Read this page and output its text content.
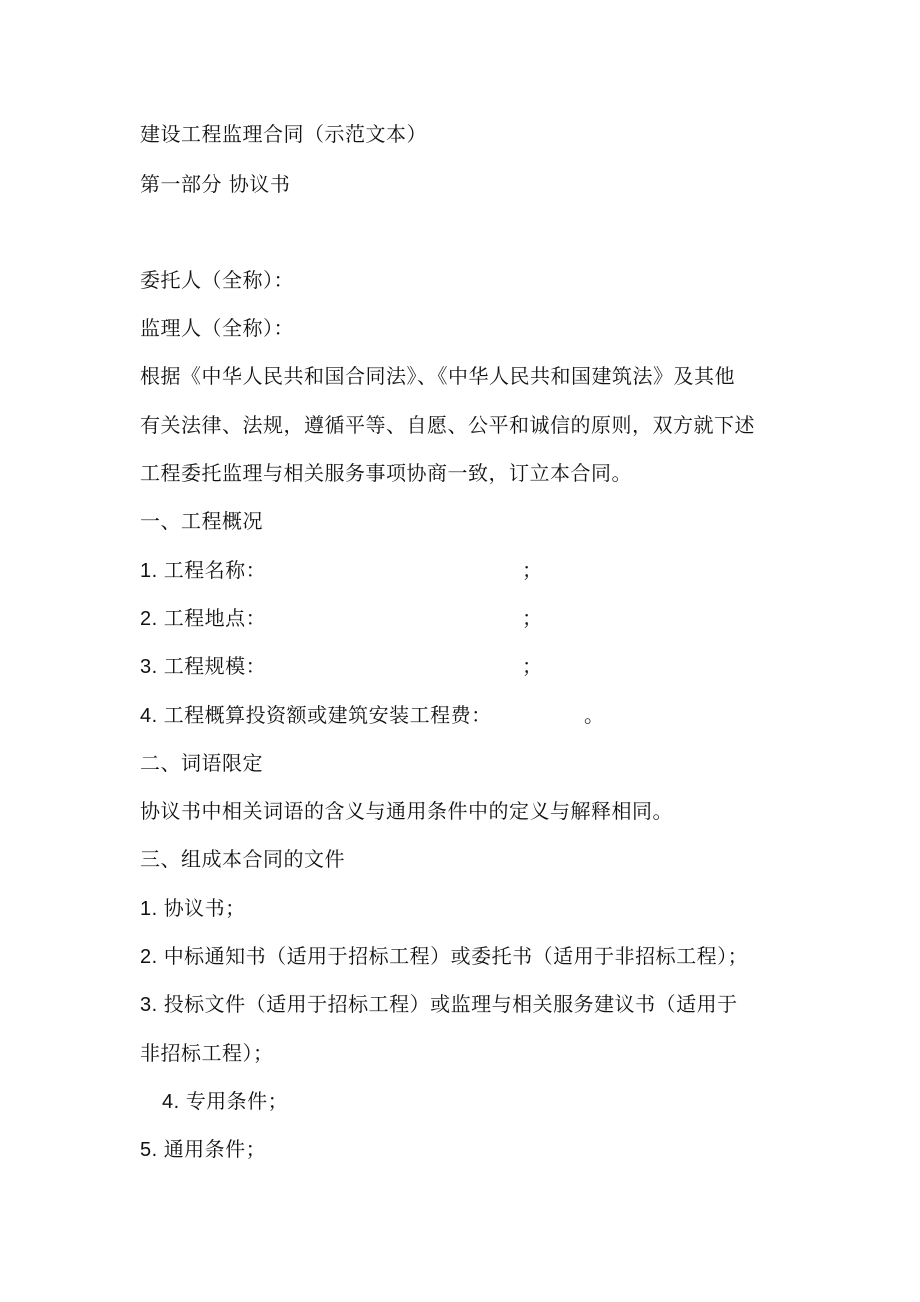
建设工程监理合同（示范文本）
第一部分 协议书
委托人（全称）：
监理人（全称）：
根据《中华人民共和国合同法》、《中华人民共和国建筑法》及其他
有关法律、法规，遵循平等、自愿、公平和诚信的原则，双方就下述
工程委托监理与相关服务事项协商一致，订立本合同。
一、工程概况
1. 工程名称：	；
2. 工程地点：	；
3. 工程规模：	；
4. 工程概算投资额或建筑安装工程费：	。
二、词语限定
协议书中相关词语的含义与通用条件中的定义与解释相同。
三、组成本合同的文件
1. 协议书；
2. 中标通知书（适用于招标工程）或委托书（适用于非招标工程）；
3. 投标文件（适用于招标工程）或监理与相关服务建议书（适用于
非招标工程）；
4. 专用条件；
5. 通用条件；
